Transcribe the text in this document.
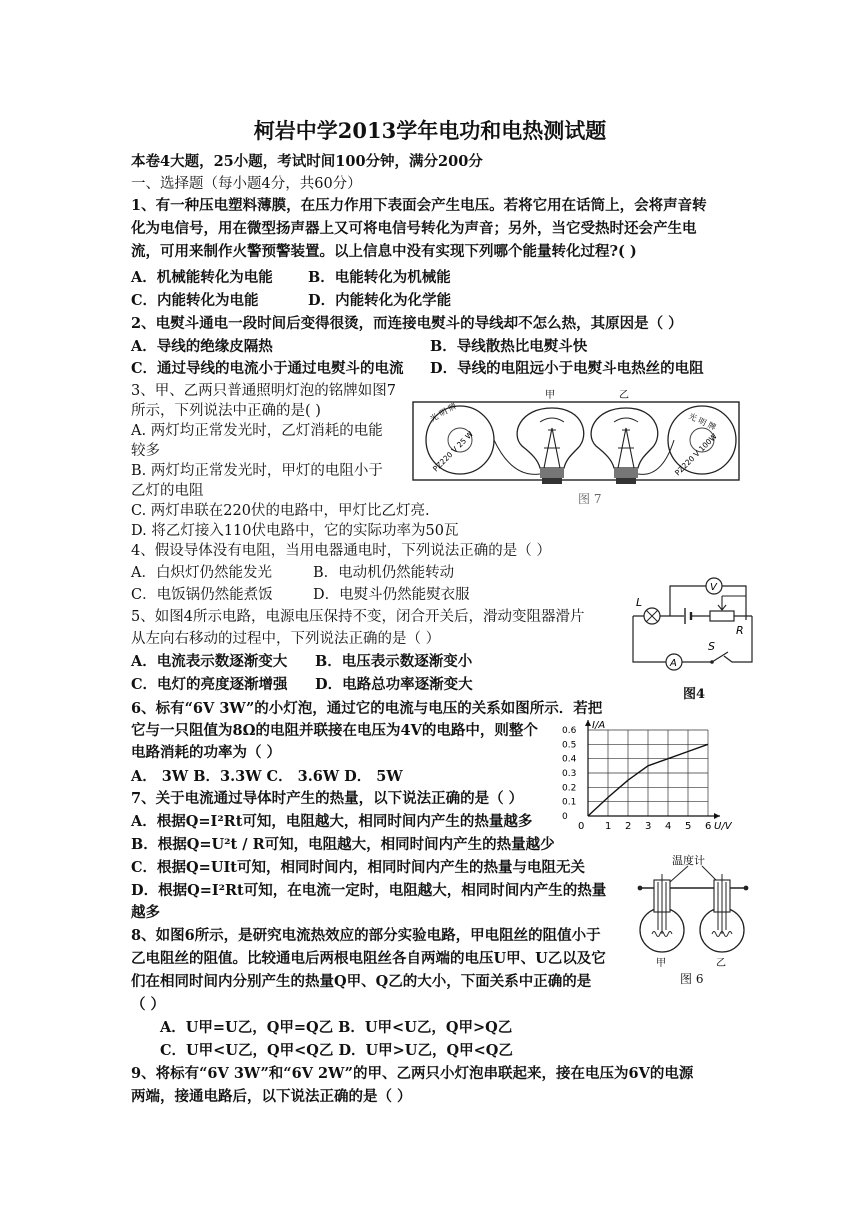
柯岩中学2013学年电功和电热测试题
本卷4大题，25小题，考试时间100分钟，满分200分
一、选择题（每小题4分，共60分）
1、有一种压电塑料薄膜，在压力作用下表面会产生电压。若将它用在话筒上，会将声音转
化为电信号，用在微型扬声器上又可将电信号转化为声音；另外，当它受热时还会产生电
流，可用来制作火警预警装置。以上信息中没有实现下列哪个能量转化过程?( )
A．机械能转化为电能 B．电能转化为机械能
C．内能转化为电能	D．内能转化为化学能
2、电熨斗通电一段时间后变得很烫，而连接电熨斗的导线却不怎么热，其原因是（ ）
A．导线的绝缘皮隔热	B．导线散热比电熨斗快
C．通过导线的电流小于通过电熨斗的电流 D．导线的电阻远小于电熨斗电热丝的电阻
3、甲、乙两只普通照明灯泡的铭牌如图7
所示，下列说法中正确的是( )
A. 两灯均正常发光时，乙灯消耗的电能
较多
B. 两灯均正常发光时，甲灯的电阻小于
乙灯的电阻
C. 两灯串联在220伏的电路中，甲灯比乙灯亮.
D. 将乙灯接入110伏电路中，它的实际功率为50瓦
光 明 牌
PZ220 V 25 W
甲	乙
光 明 牌
PZ220 V 100W
图 7
4、假设导体没有电阻，当用电器通电时，下列说法正确的是（ ）
A．白炽灯仍然能发光	B．电动机仍然能转动
C．电饭锅仍然能煮饭	D．电熨斗仍然能熨衣服
5、如图4所示电路，电源电压保持不变，闭合开关后，滑动变阻器滑片
从左向右移动的过程中，下列说法正确的是（ ）
A．电流表示数逐渐变大 B．电压表示数逐渐变小
C．电灯的亮度逐渐增强 D．电路总功率逐渐变大
V
L
R
A
S
图4
6、标有“6V 3W”的小灯泡，通过它的电流与电压的关系如图所示．若把
它与一只阻值为8Ω的电阻并联接在电压为4V的电路中，则整个
电路消耗的功率为（ ）
A． 3W B．3.3W C． 3.6W D． 5W
1 2 3 4 5 6
0.6
0.5
0.4
0.3
0.2
0.1
0
0	U/V
I/A
7、关于电流通过导体时产生的热量，以下说法正确的是（ ）
A．根据Q=I²Rt可知，电阻越大，相同时间内产生的热量越多
B．根据Q=U²t / R可知，电阻越大，相同时间内产生的热量越少
C．根据Q=UIt可知，相同时间内，相同时间内产生的热量与电阻无关
D．根据Q=I²Rt可知，在电流一定时，电阻越大，相同时间内产生的热量
越多
温度计
甲	乙
图 6
8、如图6所示，是研究电流热效应的部分实验电路，甲电阻丝的阻值小于
乙电阻丝的阻值。比较通电后两根电阻丝各自两端的电压U甲、U乙以及它
们在相同时间内分别产生的热量Q甲、Q乙的大小，下面关系中正确的是
（ ）
A．U甲=U乙，Q甲=Q乙 B．U甲<U乙，Q甲>Q乙
C．U甲<U乙，Q甲<Q乙 D．U甲>U乙，Q甲<Q乙
9、将标有“6V 3W”和“6V 2W”的甲、乙两只小灯泡串联起来，接在电压为6V的电源
两端，接通电路后，以下说法正确的是（ ）
